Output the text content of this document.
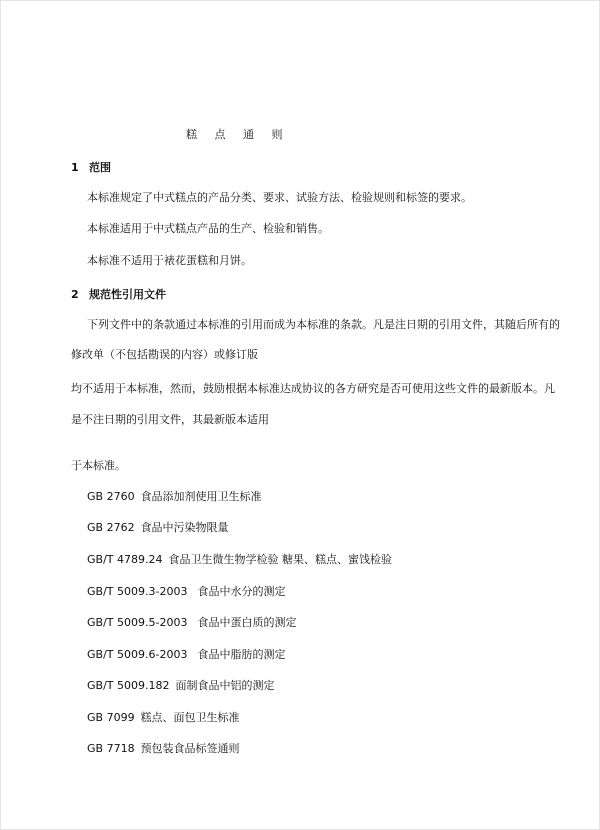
糕 点 通 则
1 范围
本标准规定了中式糕点的产品分类、要求、试验方法、检验规则和标签的要求。
本标准适用于中式糕点产品的生产、检验和销售。
本标准不适用于裱花蛋糕和月饼。
2 规范性引用文件
下列文件中的条款通过本标准的引用而成为本标准的条款。凡是注日期的引用文件，其随后所有的
修改单（不包括勘误的内容）或修订版
均不适用于本标准，然而，鼓励根据本标准达成协议的各方研究是否可使用这些文件的最新版本。凡
是不注日期的引用文件，其最新版本适用
于本标准。
GB 2760 食品添加剂使用卫生标准
GB 2762 食品中污染物限量
GB/T 4789.24 食品卫生微生物学检验 糖果、糕点、蜜饯检验
GB/T 5009.3-2003 食品中水分的测定
GB/T 5009.5-2003 食品中蛋白质的测定
GB/T 5009.6-2003 食品中脂肪的测定
GB/T 5009.182 面制食品中铝的测定
GB 7099 糕点、面包卫生标准
GB 7718 预包装食品标签通则
